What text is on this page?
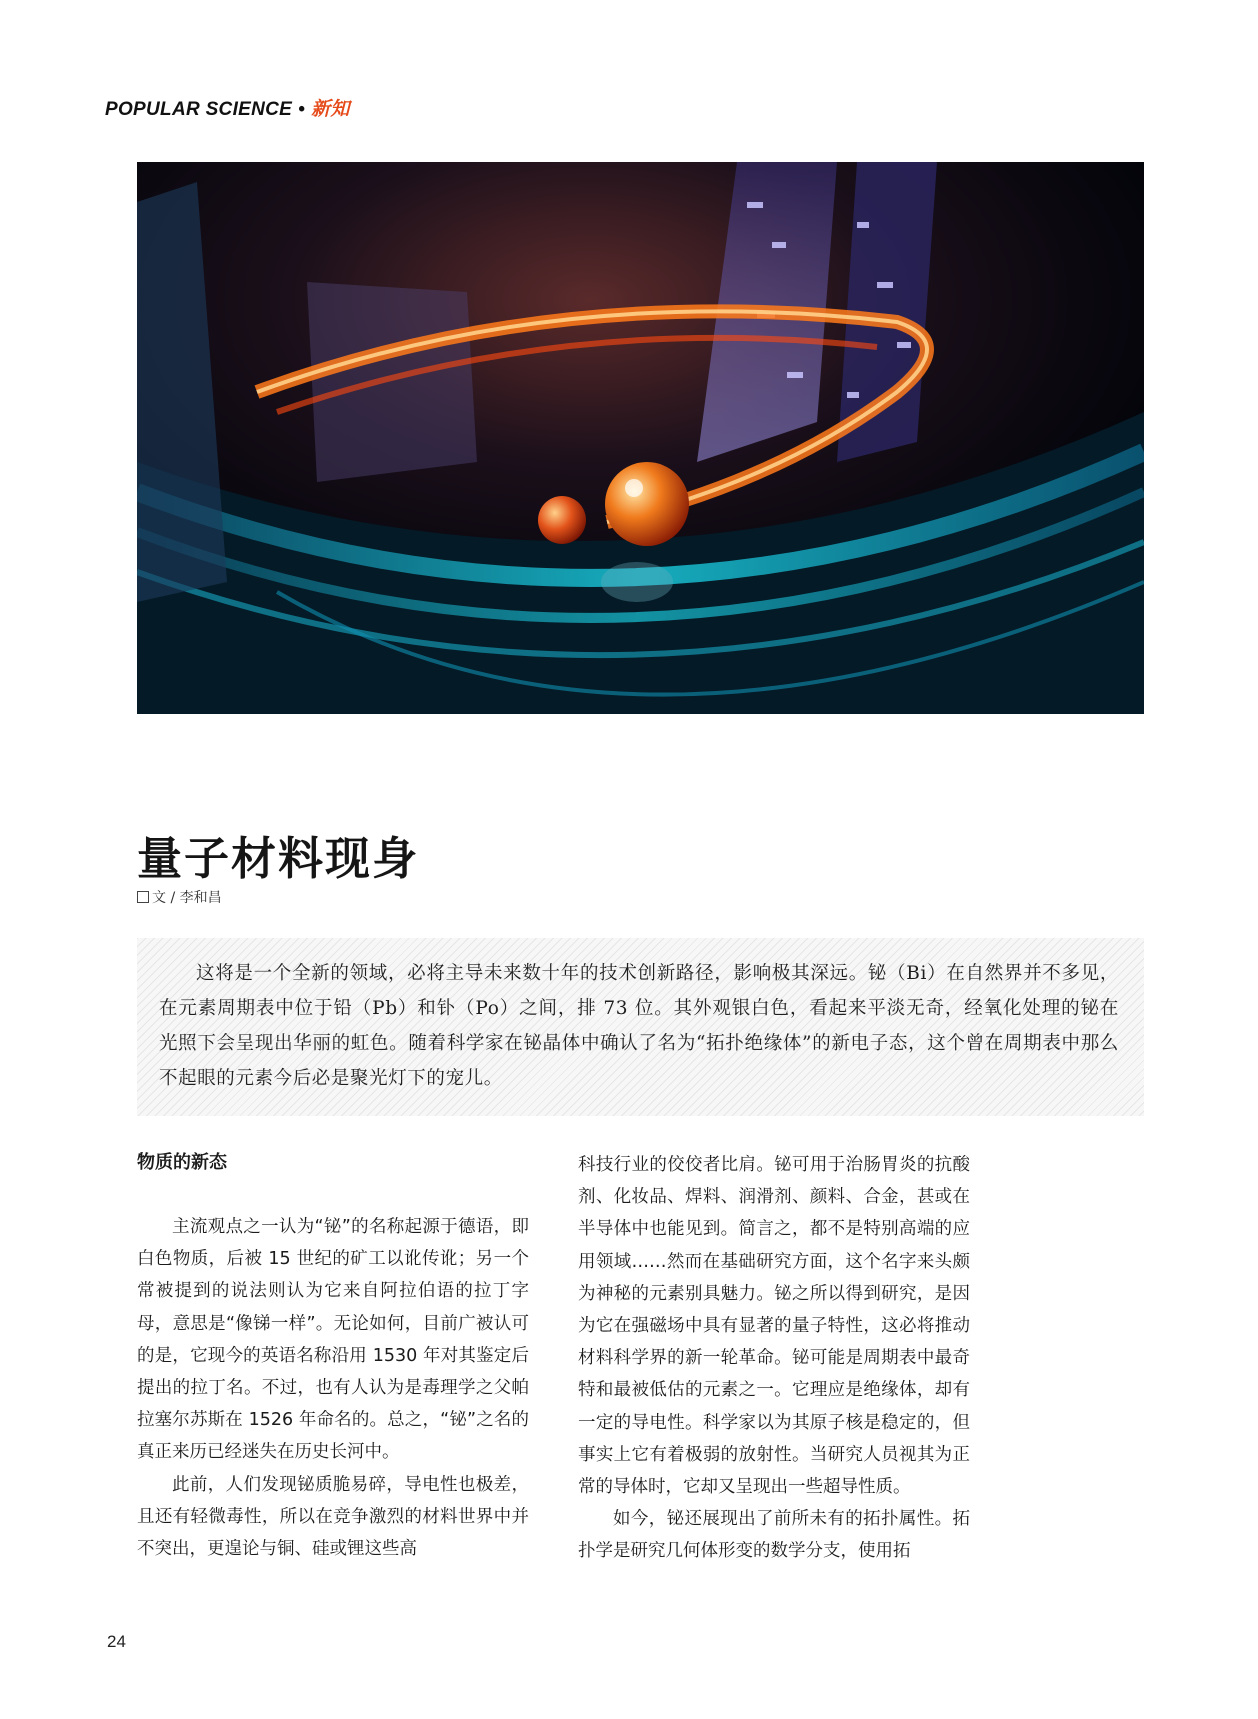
POPULAR SCIENCE • 新知
量子材料现身
文 / 李和昌

这将是一个全新的领域，必将主导未来数十年的技术创新路径，影响极其深远。铋（Bi）在自然界并不多见，在元素周期表中位于铅（Pb）和钋（Po）之间，排 73 位。其外观银白色，看起来平淡无奇，经氧化处理的铋在光照下会呈现出华丽的虹色。随着科学家在铋晶体中确认了名为“拓扑绝缘体”的新电子态，这个曾在周期表中那么不起眼的元素今后必是聚光灯下的宠儿。

物质的新态

主流观点之一认为“铋”的名称起源于德语，即白色物质，后被 15 世纪的矿工以讹传讹；另一个常被提到的说法则认为它来自阿拉伯语的拉丁字母，意思是“像锑一样”。无论如何，目前广被认可的是，它现今的英语名称沿用 1530 年对其鉴定后提出的拉丁名。不过，也有人认为是毒理学之父帕拉塞尔苏斯在 1526 年命名的。总之，“铋”之名的真正来历已经迷失在历史长河中。

此前，人们发现铋质脆易碎，导电性也极差，且还有轻微毒性，所以在竞争激烈的材料世界中并不突出，更遑论与铜、硅或锂这些高

科技行业的佼佼者比肩。铋可用于治肠胃炎的抗酸剂、化妆品、焊料、润滑剂、颜料、合金，甚或在半导体中也能见到。简言之，都不是特别高端的应用领域……然而在基础研究方面，这个名字来头颇为神秘的元素别具魅力。铋之所以得到研究，是因为它在强磁场中具有显著的量子特性，这必将推动材料科学界的新一轮革命。铋可能是周期表中最奇特和最被低估的元素之一。它理应是绝缘体，却有一定的导电性。科学家以为其原子核是稳定的，但事实上它有着极弱的放射性。当研究人员视其为正常的导体时，它却又呈现出一些超导性质。

如今，铋还展现出了前所未有的拓扑属性。拓扑学是研究几何体形变的数学分支，使用拓

24
